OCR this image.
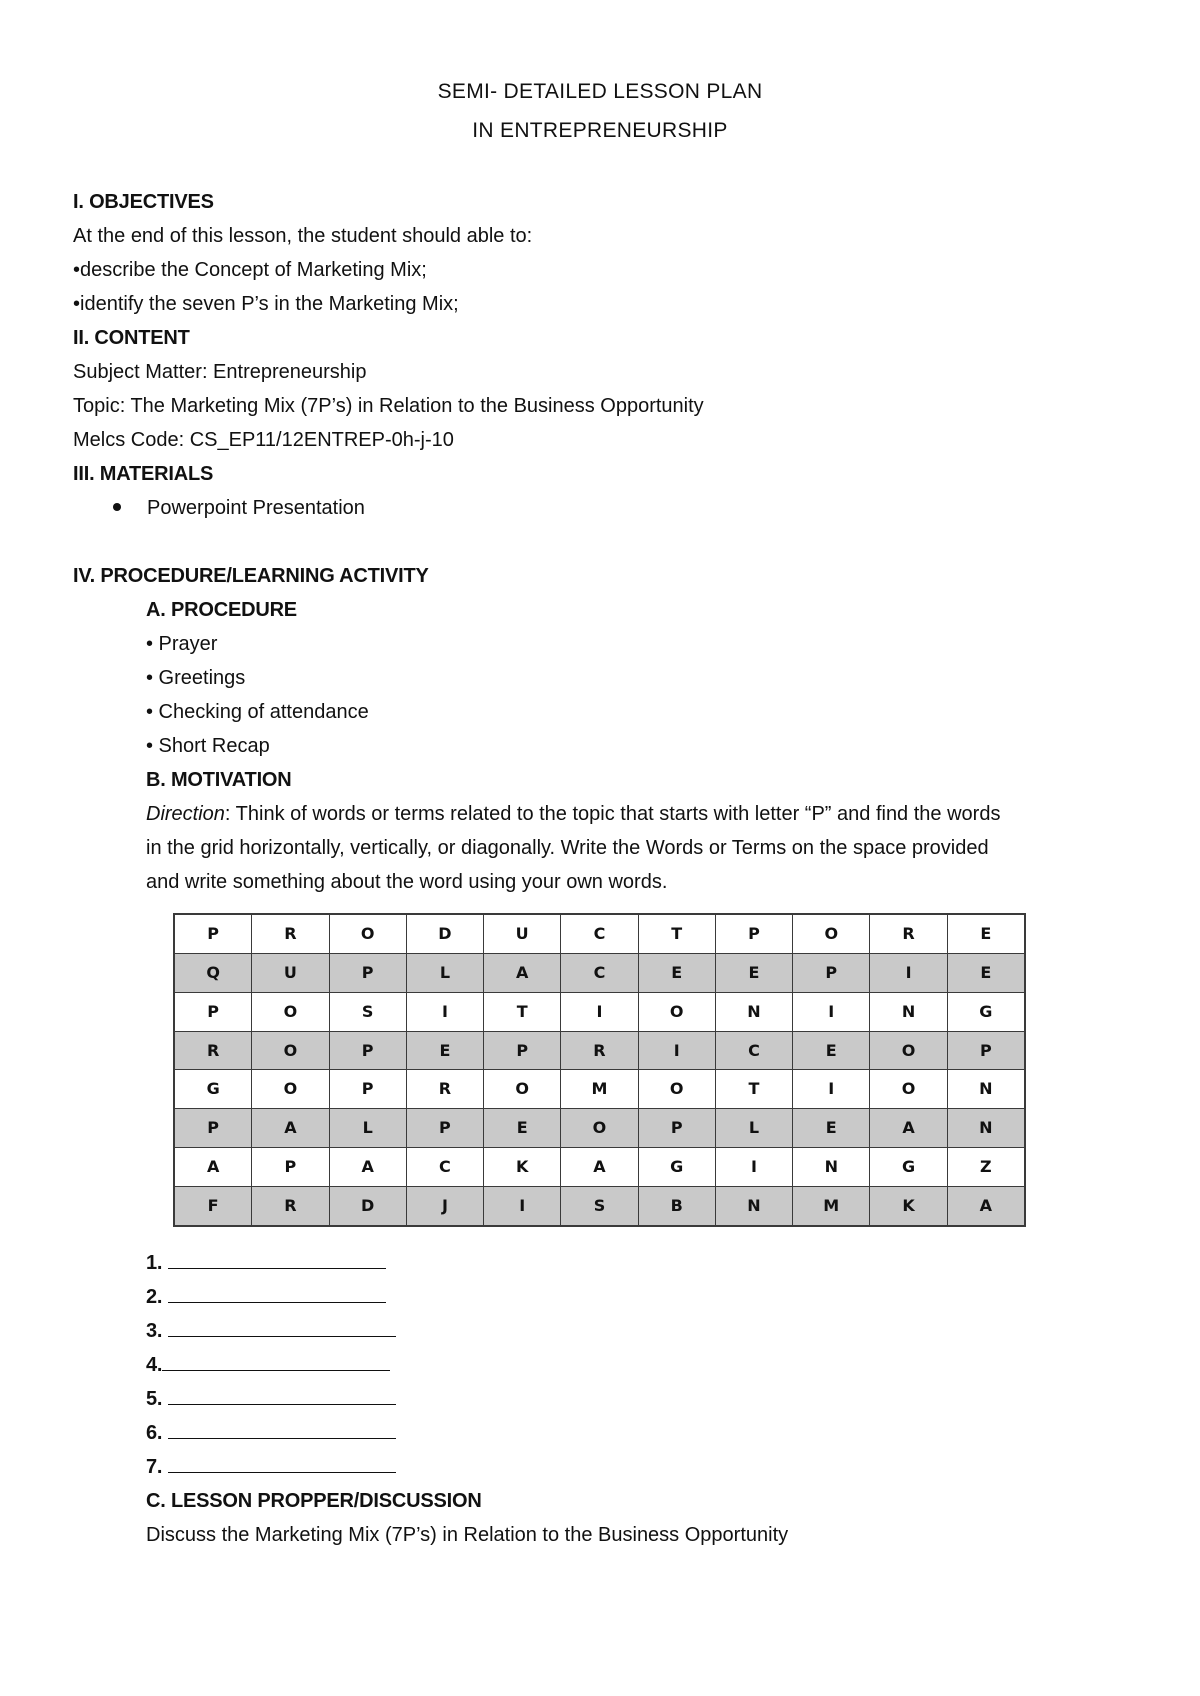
SEMI- DETAILED LESSON PLAN
IN ENTREPRENEURSHIP
I. OBJECTIVES
At the end of this lesson, the student should able to:
•describe the Concept of Marketing Mix;
•identify the seven P’s in the Marketing Mix;
II. CONTENT
Subject Matter: Entrepreneurship
Topic: The Marketing Mix (7P’s) in Relation to the Business Opportunity
Melcs Code: CS_EP11/12ENTREP-0h-j-10
III. MATERIALS
Powerpoint Presentation
IV. PROCEDURE/LEARNING ACTIVITY
A. PROCEDURE
• Prayer
• Greetings
• Checking of attendance
• Short Recap
B. MOTIVATION
Direction: Think of words or terms related to the topic that starts with letter “P” and find the words
in the grid horizontally, vertically, or diagonally. Write the Words or Terms on the space provided
and write something about the word using your own words.
P	R	O	D	U	C	T	P	O	R	E
Q	U	P	L	A	C	E	E	P	I	E
P	O	S	I	T	I	O	N	I	N	G
R	O	P	E	P	R	I	C	E	O	P
G	O	P	R	O	M	O	T	I	O	N
P	A	L	P	E	O	P	L	E	A	N
A	P	A	C	K	A	G	I	N	G	Z
F	R	D	J	I	S	B	N	M	K	A
1.
2.
3.
4.
5.
6.
7.
C. LESSON PROPPER/DISCUSSION
Discuss the Marketing Mix (7P’s) in Relation to the Business Opportunity
